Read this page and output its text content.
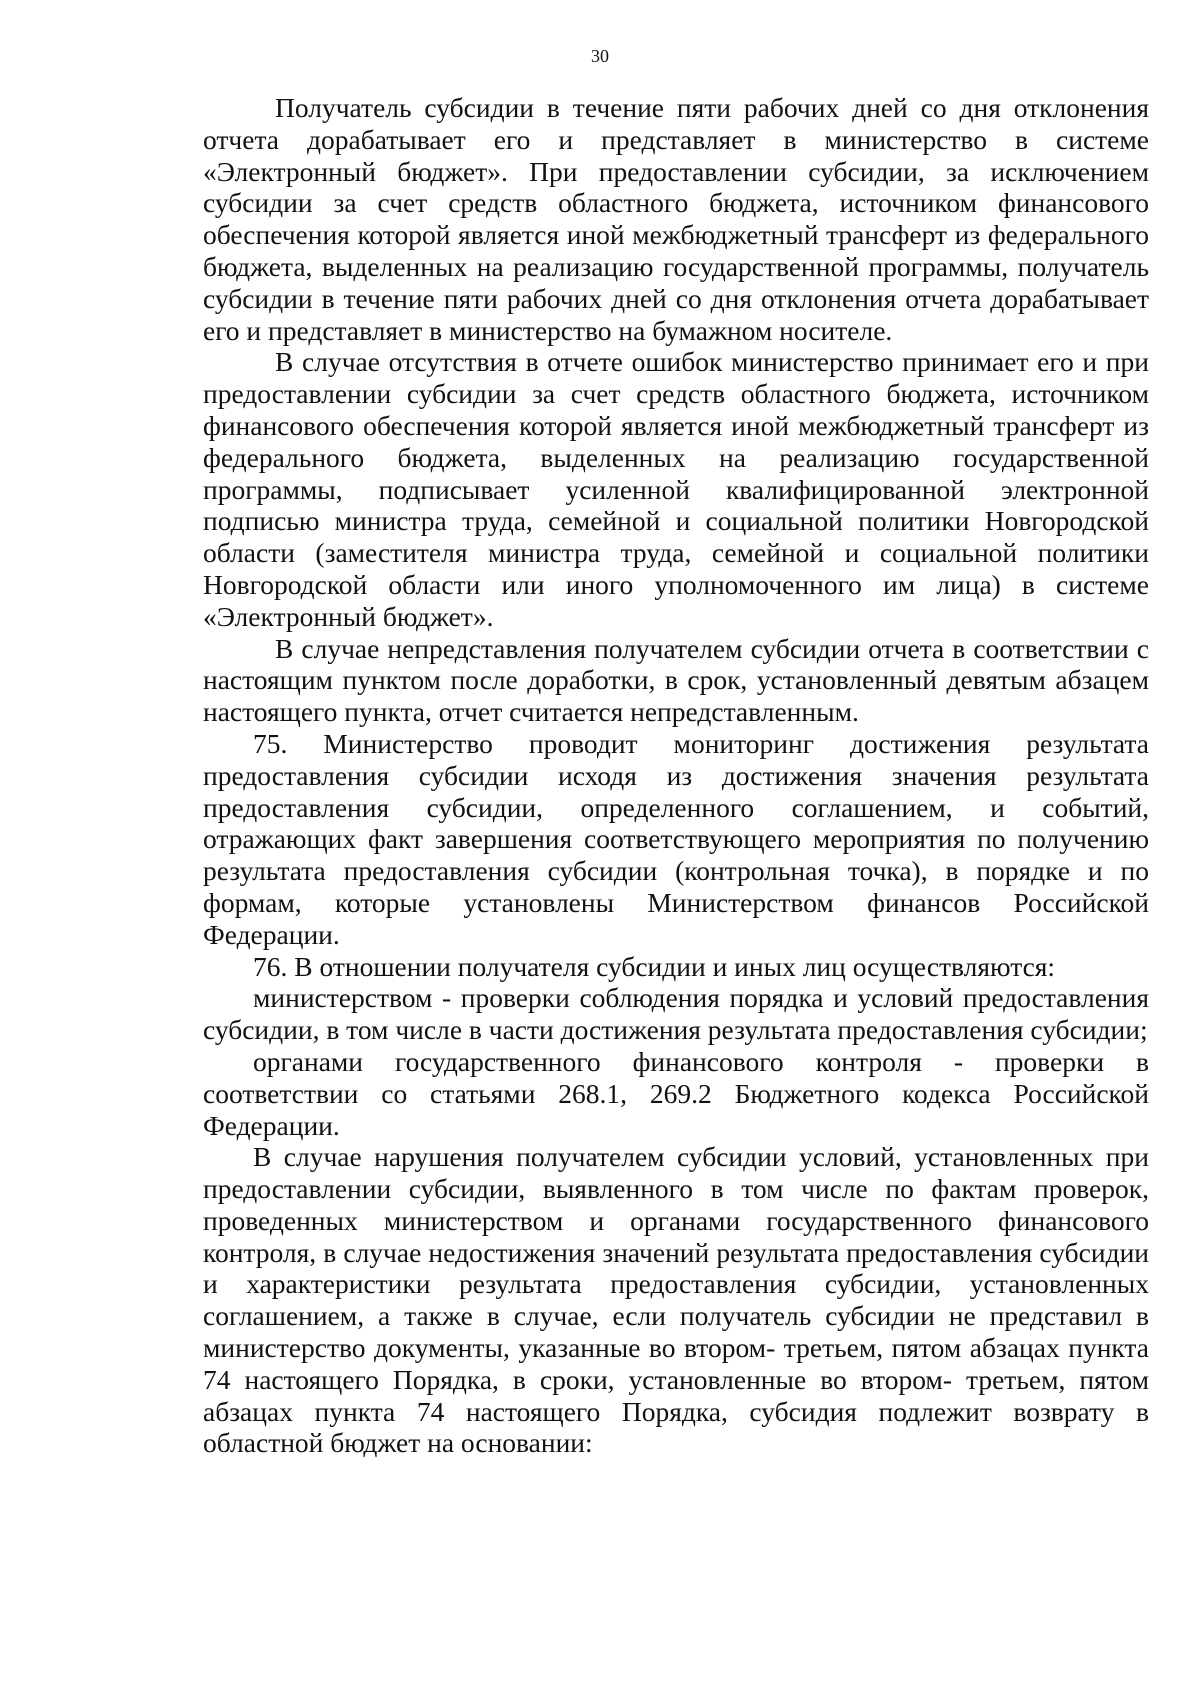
30

Получатель субсидии в течение пяти рабочих дней со дня отклонения отчета дорабатывает его и представляет в министерство в системе «Электронный бюджет». При предоставлении субсидии, за исключением субсидии за счет средств областного бюджета, источником финансового обеспечения которой является иной межбюджетный трансферт из федерального бюджета, выделенных на реализацию государственной программы, получатель субсидии в течение пяти рабочих дней со дня отклонения отчета дорабатывает его и представляет в министерство на бумажном носителе.

В случае отсутствия в отчете ошибок министерство принимает его и при предоставлении субсидии за счет средств областного бюджета, источником финансового обеспечения которой является иной межбюджетный трансферт из федерального бюджета, выделенных на реализацию государственной программы, подписывает усиленной квалифицированной электронной подписью министра труда, семейной и социальной политики Новгородской области (заместителя министра труда, семейной и социальной политики Новгородской области или иного уполномоченного им лица) в системе «Электронный бюджет».

В случае непредставления получателем субсидии отчета в соответствии с настоящим пунктом после доработки, в срок, установленный девятым абзацем настоящего пункта, отчет считается непредставленным.

75. Министерство проводит мониторинг достижения результата предоставления субсидии исходя из достижения значения результата предоставления субсидии, определенного соглашением, и событий, отражающих факт завершения соответствующего мероприятия по получению результата предоставления субсидии (контрольная точка), в порядке и по формам, которые установлены Министерством финансов Российской Федерации.

76. В отношении получателя субсидии и иных лиц осуществляются:

министерством - проверки соблюдения порядка и условий предоставления субсидии, в том числе в части достижения результата предоставления субсидии;

органами государственного финансового контроля - проверки в соответствии со статьями 268.1, 269.2 Бюджетного кодекса Российской Федерации.

В случае нарушения получателем субсидии условий, установленных при предоставлении субсидии, выявленного в том числе по фактам проверок, проведенных министерством и органами государственного финансового контроля, в случае недостижения значений результата предоставления субсидии и характеристики результата предоставления субсидии, установленных соглашением, а также в случае, если получатель субсидии не представил в министерство документы, указанные во втором- третьем, пятом абзацах пункта 74 настоящего Порядка, в сроки, установленные во втором- третьем, пятом абзацах пункта 74 настоящего Порядка, субсидия подлежит возврату в областной бюджет на основании:
